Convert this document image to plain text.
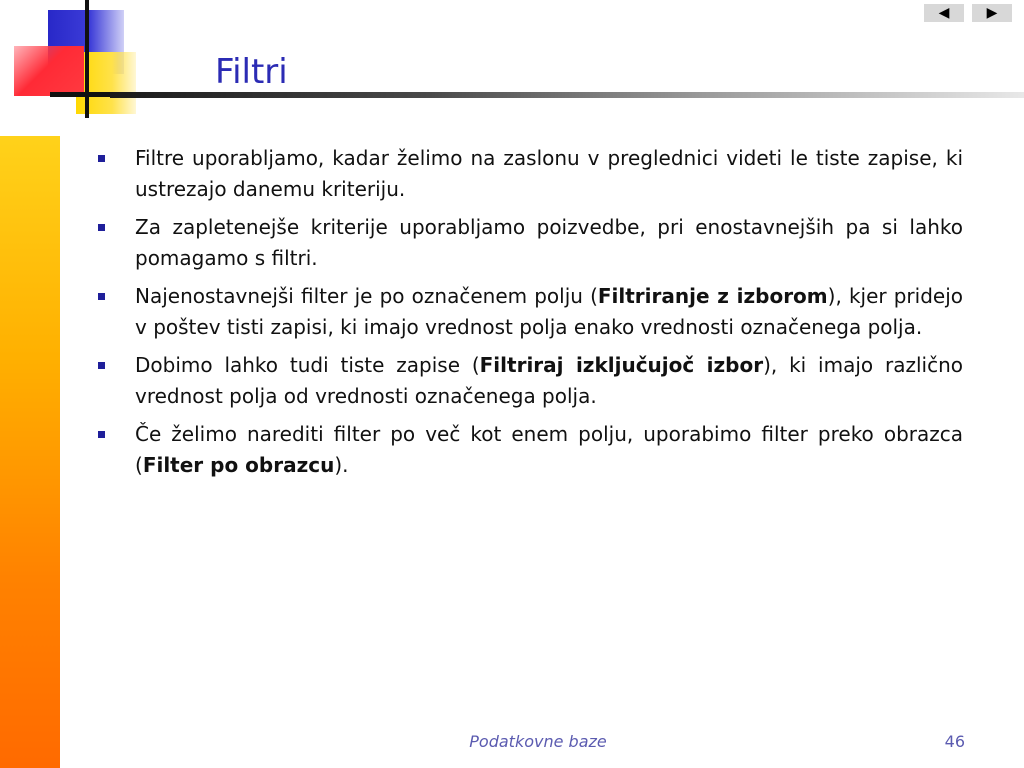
◀	▶
Filtri
Filtre uporabljamo, kadar želimo na zaslonu v preglednici videti le tiste zapise, ki ustrezajo danemu kriteriju.
Za zapletenejše kriterije uporabljamo poizvedbe, pri enostavnejših pa si lahko pomagamo s filtri.
Najenostavnejši filter je po označenem polju (Filtriranje z izborom), kjer pridejo v poštev tisti zapisi, ki imajo vrednost polja enako vrednosti označenega polja.
Dobimo lahko tudi tiste zapise (Filtriraj izključujoč izbor), ki imajo različno vrednost polja od vrednosti označenega polja.
Če želimo narediti filter po več kot enem polju, uporabimo filter preko obrazca (Filter po obrazcu).
Podatkovne baze	46
